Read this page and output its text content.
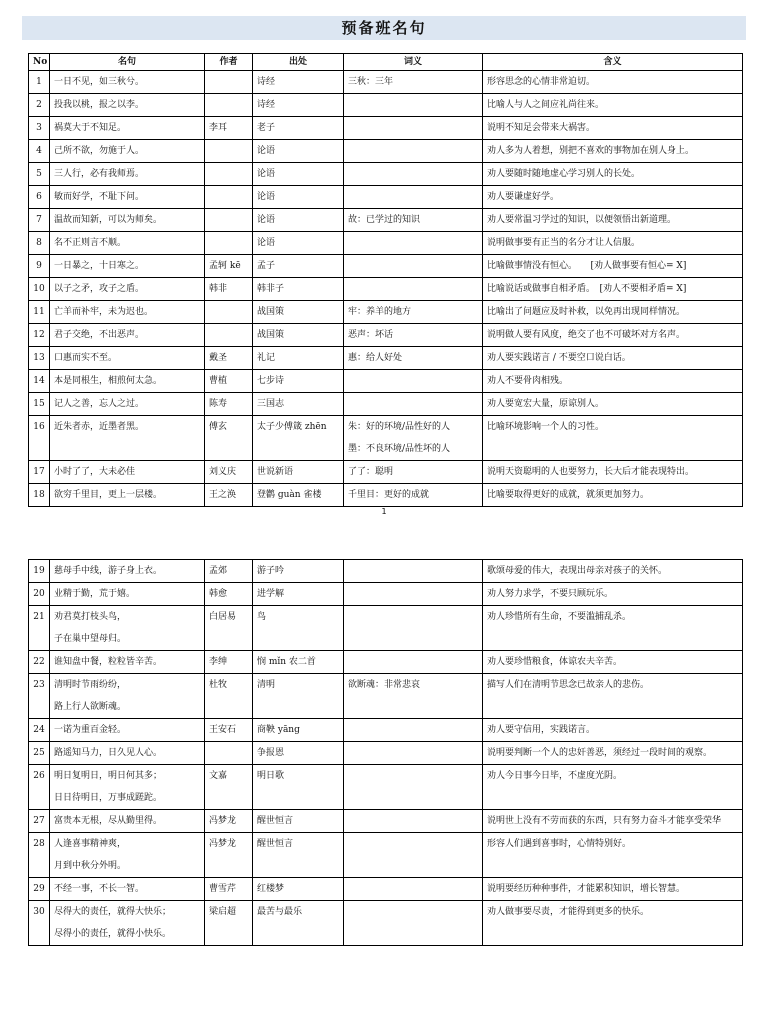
预备班名句
No	名句	作者	出处	词义	含义
1	一日不见，如三秋兮。		诗经	三秋：三年	形容思念的心情非常迫切。
2	投我以桃，报之以李。		诗经		比喻人与人之间应礼尚往来。
3	祸莫大于不知足。	李耳	老子		说明不知足会带来大祸害。
4	己所不欲，勿施于人。		论语		劝人多为人着想，别把不喜欢的事物加在别人身上。
5	三人行，必有我师焉。		论语		劝人要随时随地虚心学习别人的长处。
6	敏而好学，不耻下问。		论语		劝人要谦虚好学。
7	温故而知新，可以为师矣。		论语	故：已学过的知识	劝人要常温习学过的知识，以便领悟出新道理。
8	名不正则言不顺。		论语		说明做事要有正当的名分才让人信服。
9	一日暴之，十日寒之。	孟轲 kē	孟子		比喻做事情没有恒心。　　[劝人做事要有恒心= X]
10	以子之矛，攻子之盾。	韩非	韩非子		比喻说话或做事自相矛盾。　[劝人不要相矛盾= X]
11	亡羊而补牢，未为迟也。		战国策	牢：养羊的地方	比喻出了问题应及时补救，以免再出现同样情况。
12	君子交绝，不出恶声。		战国策	恶声：坏话	说明做人要有风度，绝交了也不可破坏对方名声。
13	口惠而实不至。	戴圣	礼记	惠：给人好处	劝人要实践诺言 / 不要空口说白话。
14	本是同根生，相煎何太急。	曹植	七步诗		劝人不要骨肉相残。
15	记人之善，忘人之过。	陈寿	三国志		劝人要宽宏大量，原谅别人。
16	近朱者赤，近墨者黑。	傅玄	太子少傅箴 zhēn	朱：好的环境/品性好的人
墨：不良环境/品性坏的人	比喻环境影响一个人的习性。
17	小时了了，大未必佳	刘义庆	世说新语	了了：聪明	说明天资聪明的人也要努力，长大后才能表现特出。
18	欲穷千里目，更上一层楼。	王之涣	登鹳 guàn 雀楼	千里目：更好的成就	比喻要取得更好的成就，就须更加努力。
1
19	慈母手中线，游子身上衣。	孟郊	游子吟		歌颂母爱的伟大，表现出母亲对孩子的关怀。
20	业精于勤，荒于嬉。	韩愈	进学解		劝人努力求学，不要只顾玩乐。
21	劝君莫打枝头鸟，
子在巢中望母归。	白居易	鸟		劝人珍惜所有生命，不要滥捕乱杀。
22	谁知盘中餐，粒粒皆辛苦。	李绅	悯 mǐn 农二首		劝人要珍惜粮食，体谅农夫辛苦。
23	清明时节雨纷纷，
路上行人欲断魂。	杜牧	清明	欲断魂：非常悲哀	描写人们在清明节思念已故亲人的悲伤。
24	一诺为重百金轻。	王安石	商鞅 yāng		劝人要守信用，实践诺言。
25	路遥知马力，日久见人心。		争报恩		说明要判断一个人的忠奸善恶，须经过一段时间的观察。
26	明日复明日，明日何其多；
日日待明日，万事成蹉跎。	文嘉	明日歌		劝人今日事今日毕，不虚度光阴。
27	富贵本无根，尽从勤里得。	冯梦龙	醒世恒言		说明世上没有不劳而获的东西，只有努力奋斗才能享受荣华
28	人逢喜事精神爽，
月到中秋分外明。	冯梦龙	醒世恒言		形容人们遇到喜事时，心情特别好。
29	不经一事，不长一智。	曹雪芹	红楼梦		说明要经历种种事件，才能累积知识，增长智慧。
30	尽得大的责任，就得大快乐；
尽得小的责任，就得小快乐。	梁启超	最苦与最乐		劝人做事要尽责，才能得到更多的快乐。
